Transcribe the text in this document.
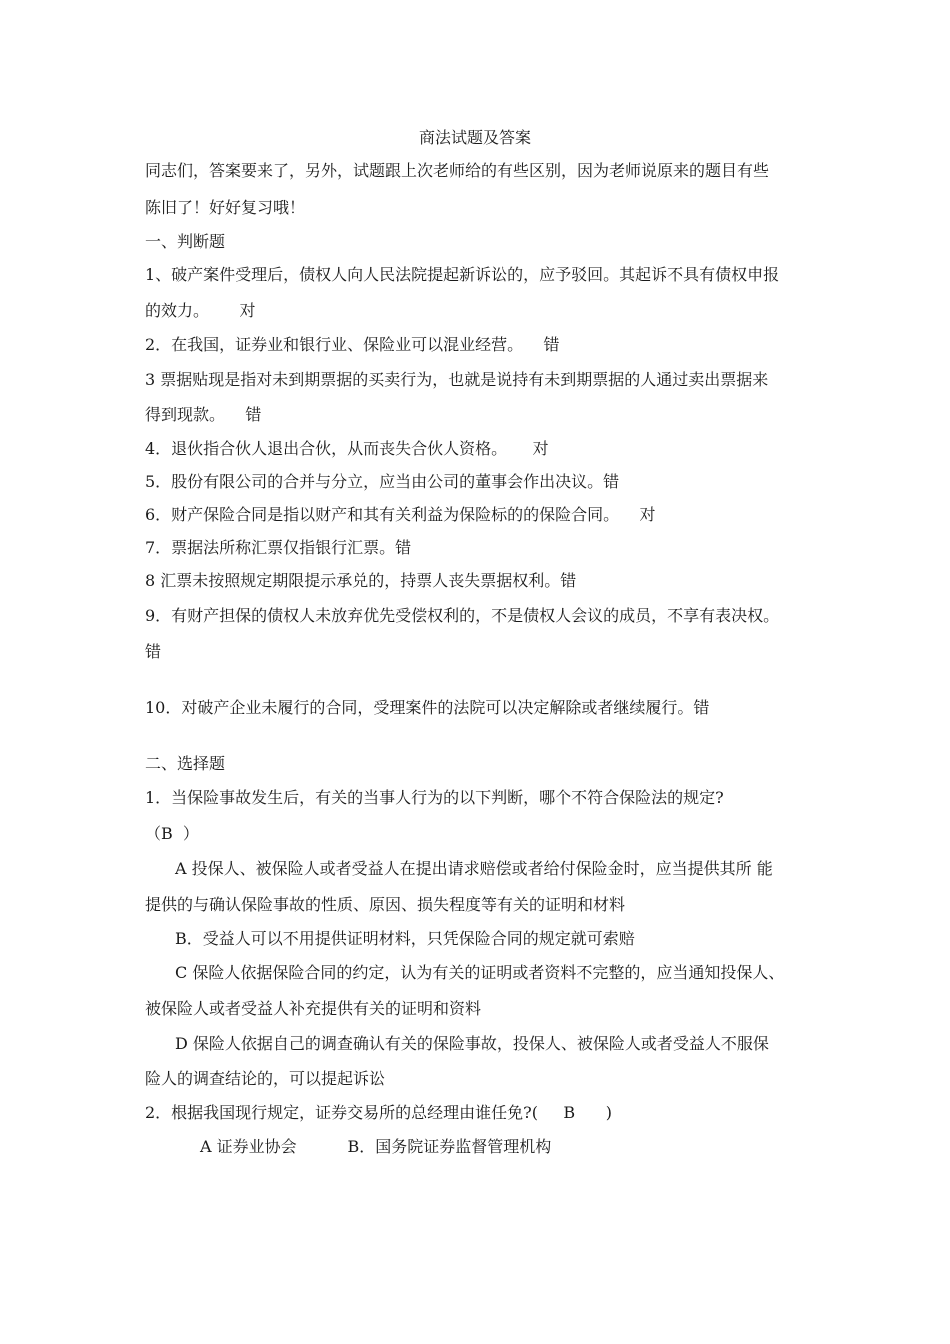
商法试题及答案
同志们，答案要来了，另外，试题跟上次老师给的有些区别，因为老师说原来的题目有些
陈旧了！好好复习哦！
一、判断题
1、破产案件受理后，债权人向人民法院提起新诉讼的，应予驳回。其起诉不具有债权申报
的效力。      对
2．在我国，证券业和银行业、保险业可以混业经营。    错
3 票据贴现是指对未到期票据的买卖行为，也就是说持有未到期票据的人通过卖出票据来
得到现款。    错
4．退伙指合伙人退出合伙，从而丧失合伙人资格。     对
5．股份有限公司的合并与分立，应当由公司的董事会作出决议。错
6．财产保险合同是指以财产和其有关利益为保险标的的保险合同。    对
7．票据法所称汇票仅指银行汇票。错
8 汇票未按照规定期限提示承兑的，持票人丧失票据权利。错
9．有财产担保的债权人未放弃优先受偿权利的，不是债权人会议的成员，不享有表决权。
错
10．对破产企业未履行的合同，受理案件的法院可以决定解除或者继续履行。错
二、选择题
1．当保险事故发生后，有关的当事人行为的以下判断，哪个不符合保险法的规定?
（B  ）
A 投保人、被保险人或者受益人在提出请求赔偿或者给付保险金时，应当提供其所 能
提供的与确认保险事故的性质、原因、损失程度等有关的证明和材料
B．受益人可以不用提供证明材料，只凭保险合同的规定就可索赔
C 保险人依据保险合同的约定，认为有关的证明或者资料不完整的，应当通知投保人、
被保险人或者受益人补充提供有关的证明和资料
D 保险人依据自己的调查确认有关的保险事故，投保人、被保险人或者受益人不服保
险人的调查结论的，可以提起诉讼
2．根据我国现行规定，证券交易所的总经理由谁任免?(     B      )
A 证券业协会          B．国务院证券监督管理机构
